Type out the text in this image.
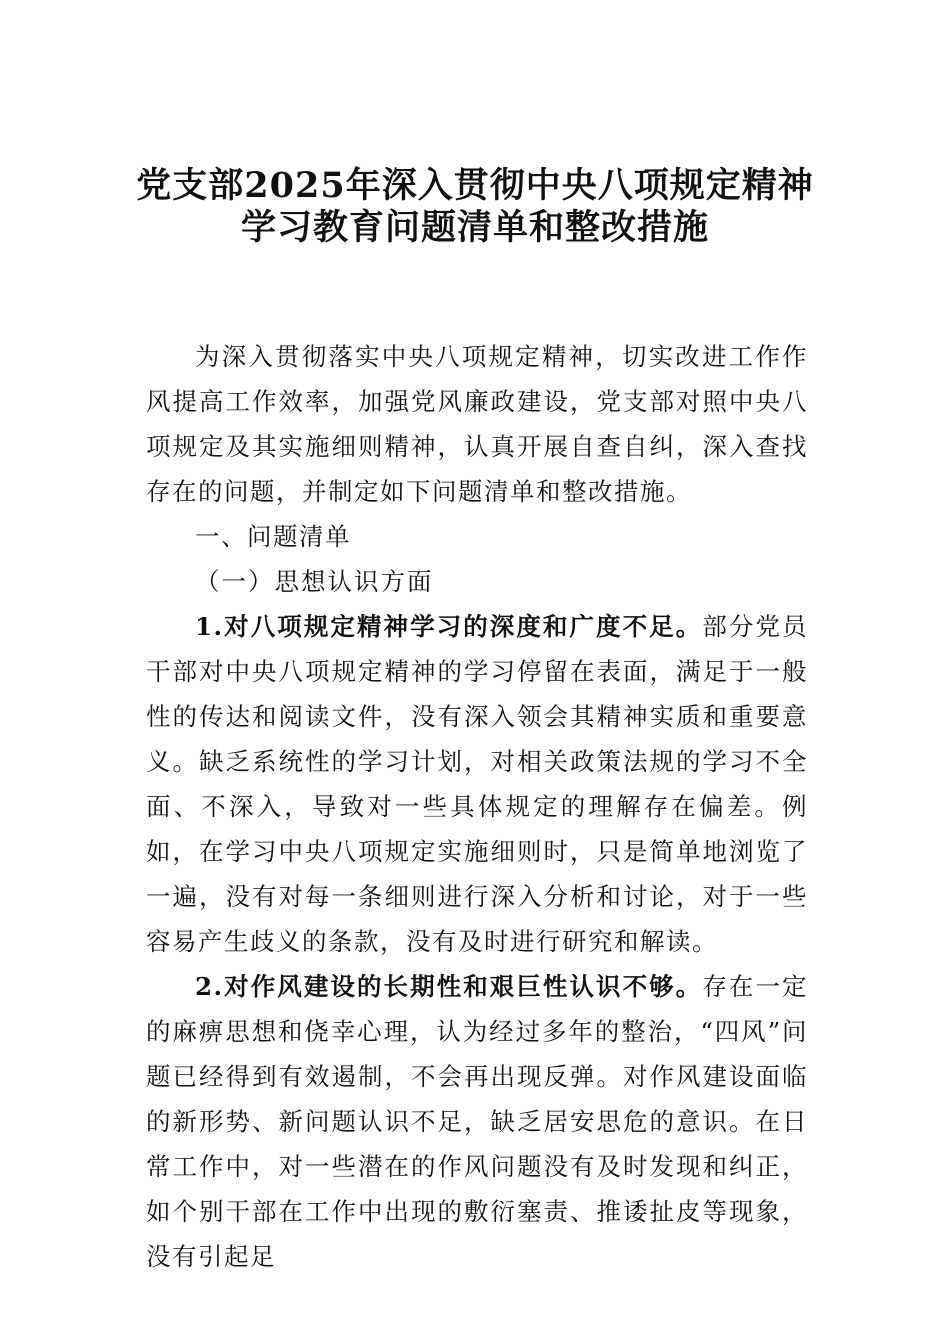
党支部2025年深入贯彻中央八项规定精神
学习教育问题清单和整改措施

为深入贯彻落实中央八项规定精神，切实改进工作作风提高工作效率，加强党风廉政建设，党支部对照中央八项规定及其实施细则精神，认真开展自查自纠，深入查找存在的问题，并制定如下问题清单和整改措施。

一、问题清单

（一）思想认识方面

1.对八项规定精神学习的深度和广度不足。部分党员干部对中央八项规定精神的学习停留在表面，满足于一般性的传达和阅读文件，没有深入领会其精神实质和重要意义。缺乏系统性的学习计划，对相关政策法规的学习不全面、不深入，导致对一些具体规定的理解存在偏差。例如，在学习中央八项规定实施细则时，只是简单地浏览了一遍，没有对每一条细则进行深入分析和讨论，对于一些容易产生歧义的条款，没有及时进行研究和解读。

2.对作风建设的长期性和艰巨性认识不够。存在一定的麻痹思想和侥幸心理，认为经过多年的整治，“四风”问题已经得到有效遏制，不会再出现反弹。对作风建设面临的新形势、新问题认识不足，缺乏居安思危的意识。在日常工作中，对一些潜在的作风问题没有及时发现和纠正，如个别干部在工作中出现的敷衍塞责、推诿扯皮等现象，没有引起足
